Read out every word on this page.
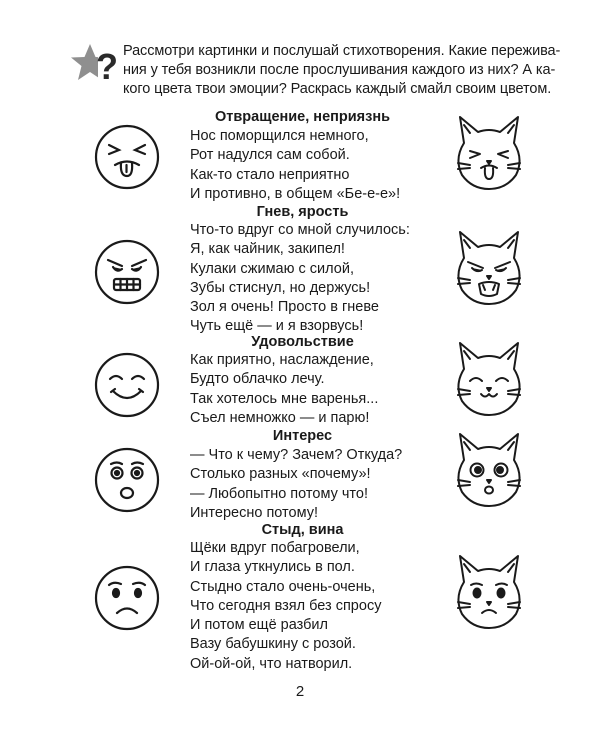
? Рассмотри картинки и послушай стихотворения. Какие пережива-
ния у тебя возникли после прослушивания каждого из них? А ка-
кого цвета твои эмоции? Раскрась каждый смайл своим цветом.
Отвращение, неприязнь
Нос поморщился немного,
Рот надулся сам собой.
Как-то стало неприятно
И противно, в общем «Бе-е-е»!
Гнев, ярость
Что-то вдруг со мной случилось:
Я, как чайник, закипел!
Кулаки сжимаю с силой,
Зубы стиснул, но держусь!
Зол я очень! Просто в гневе
Чуть ещё — и я взорвусь!
Удовольствие
Как приятно, наслаждение,
Будто облачко лечу.
Так хотелось мне варенья...
Съел немножко — и парю!
Интерес
— Что к чему? Зачем? Откуда?
Столько разных «почему»!
— Любопытно потому что!
Интересно потому!
Стыд, вина
Щёки вдруг побагровели,
И глаза уткнулись в пол.
Стыдно стало очень-очень,
Что сегодня взял без спросу
И потом ещё разбил
Вазу бабушкину с розой.
Ой-ой-ой, что натворил.
2
